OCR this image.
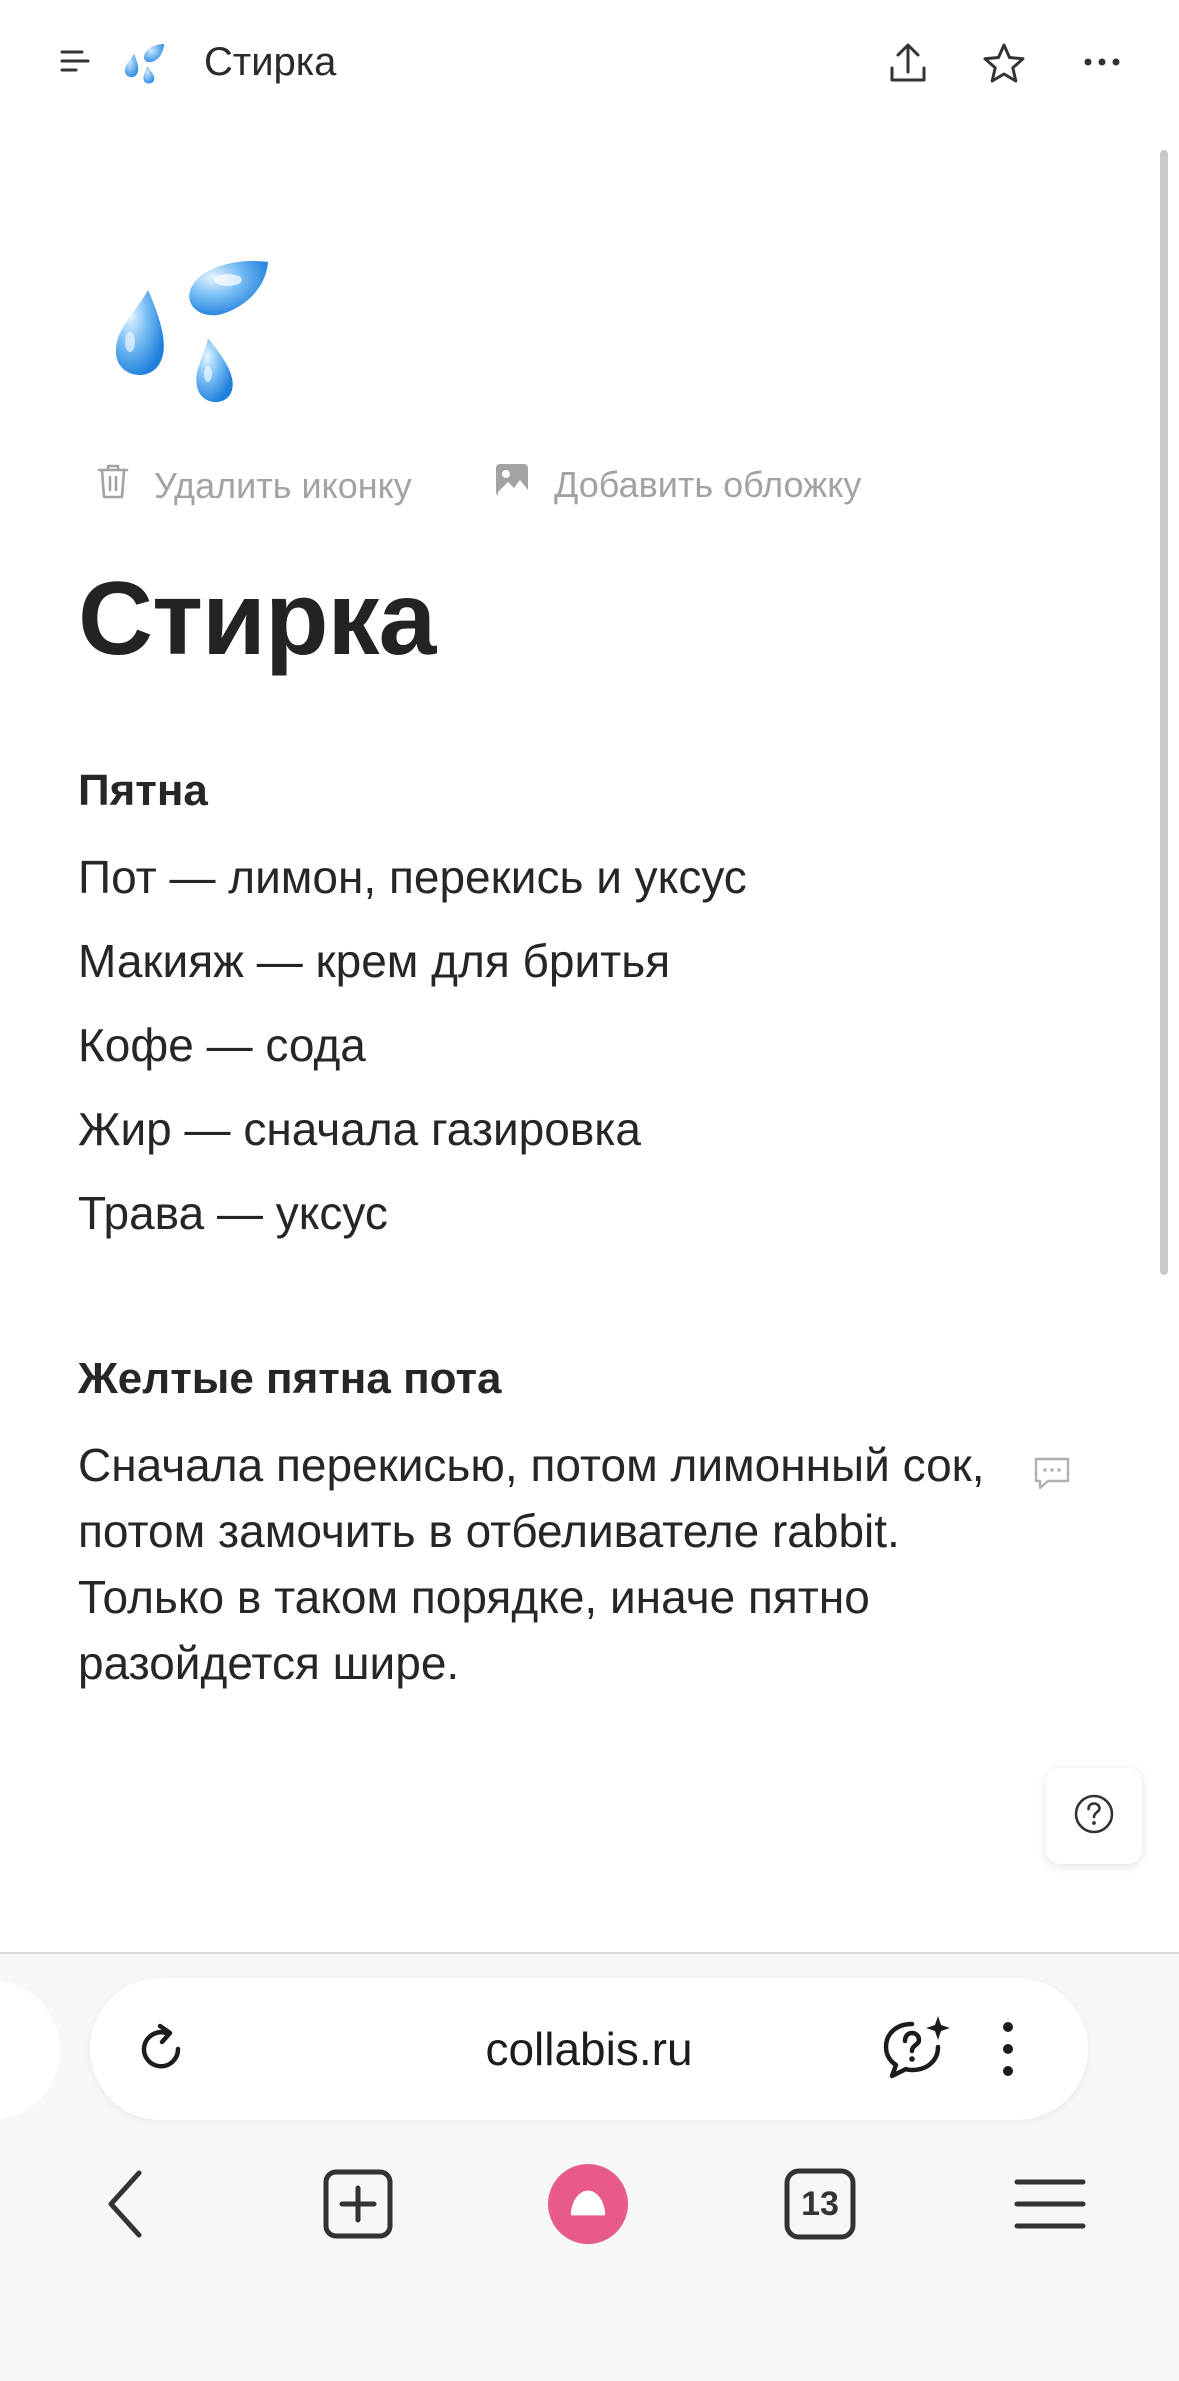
Стирка
Удалить иконку	Добавить обложку
Стирка
Пятна
Пот — лимон, перекись и уксус
Макияж — крем для бритья
Кофе — сода
Жир — сначала газировка
Трава — уксус
Желтые пятна пота
Сначала перекисью, потом лимонный сок, потом замочить в отбеливателе rabbit. Только в таком порядке, иначе пятно разойдется шире.
collabis.ru
13
